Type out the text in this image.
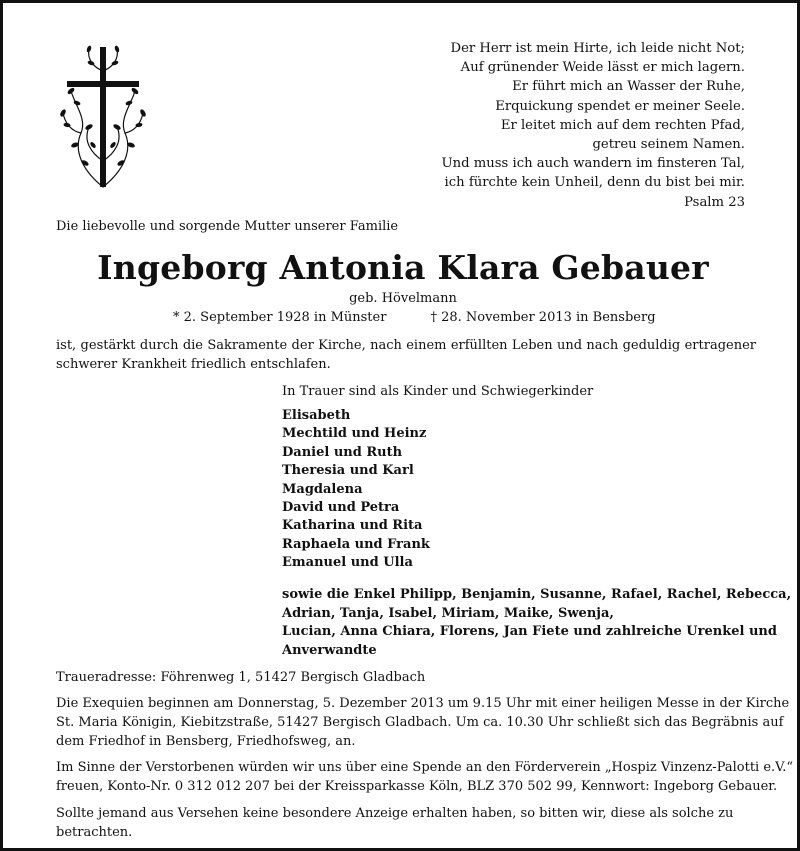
Der Herr ist mein Hirte, ich leide nicht Not;
Auf grünender Weide lässt er mich lagern.
Er führt mich an Wasser der Ruhe,
Erquickung spendet er meiner Seele.
Er leitet mich auf dem rechten Pfad,
getreu seinem Namen.
Und muss ich auch wandern im finsteren Tal,
ich fürchte kein Unheil, denn du bist bei mir.
Psalm 23
Die liebevolle und sorgende Mutter unserer Familie
Ingeborg Antonia Klara Gebauer
geb. Hövelmann
* 2. September 1928 in Münster	† 28. November 2013 in Bensberg
ist, gestärkt durch die Sakramente der Kirche, nach einem erfüllten Leben und nach geduldig ertragener schwerer Krankheit friedlich entschlafen.
In Trauer sind als Kinder und Schwiegerkinder
Elisabeth
Mechtild und Heinz
Daniel und Ruth
Theresia und Karl
Magdalena
David und Petra
Katharina und Rita
Raphaela und Frank
Emanuel und Ulla
sowie die Enkel Philipp, Benjamin, Susanne, Rafael, Rachel, Rebecca,
Adrian, Tanja, Isabel, Miriam, Maike, Swenja,
Lucian, Anna Chiara, Florens, Jan Fiete und zahlreiche Urenkel und
Anverwandte
Traueradresse: Föhrenweg 1, 51427 Bergisch Gladbach
Die Exequien beginnen am Donnerstag, 5. Dezember 2013 um 9.15 Uhr mit einer heiligen Messe in der Kirche
St. Maria Königin, Kiebitzstraße, 51427 Bergisch Gladbach. Um ca. 10.30 Uhr schließt sich das Begräbnis auf
dem Friedhof in Bensberg, Friedhofsweg, an.
Im Sinne der Verstorbenen würden wir uns über eine Spende an den Förderverein „Hospiz Vinzenz-Palotti e.V.“
freuen, Konto-Nr. 0 312 012 207 bei der Kreissparkasse Köln, BLZ 370 502 99, Kennwort: Ingeborg Gebauer.
Sollte jemand aus Versehen keine besondere Anzeige erhalten haben, so bitten wir, diese als solche zu betrachten.
